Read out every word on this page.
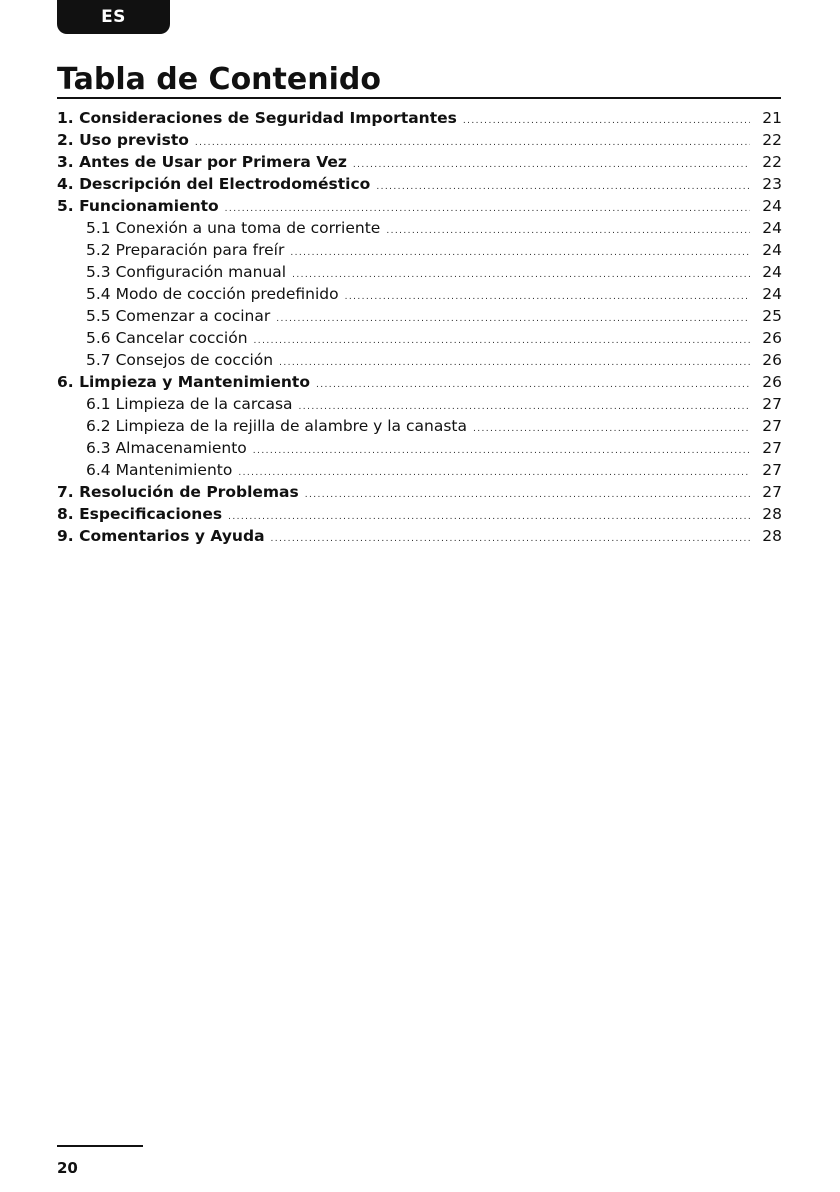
ES
Tabla de Contenido
1. Consideraciones de Seguridad Importantes .....	21
2. Uso previsto .....	22
3. Antes de Usar por Primera Vez .....	22
4. Descripción del Electrodoméstico .....	23
5. Funcionamiento .....	24
5.1 Conexión a una toma de corriente .....	24
5.2 Preparación para freír .....	24
5.3 Configuración manual .....	24
5.4 Modo de cocción predefinido .....	24
5.5 Comenzar a cocinar .....	25
5.6 Cancelar cocción .....	26
5.7 Consejos de cocción .....	26
6. Limpieza y Mantenimiento .....	26
6.1 Limpieza de la carcasa .....	27
6.2 Limpieza de la rejilla de alambre y la canasta .....	27
6.3 Almacenamiento .....	27
6.4 Mantenimiento .....	27
7. Resolución de Problemas .....	27
8. Especificaciones .....	28
9. Comentarios y Ayuda .....	28
20
